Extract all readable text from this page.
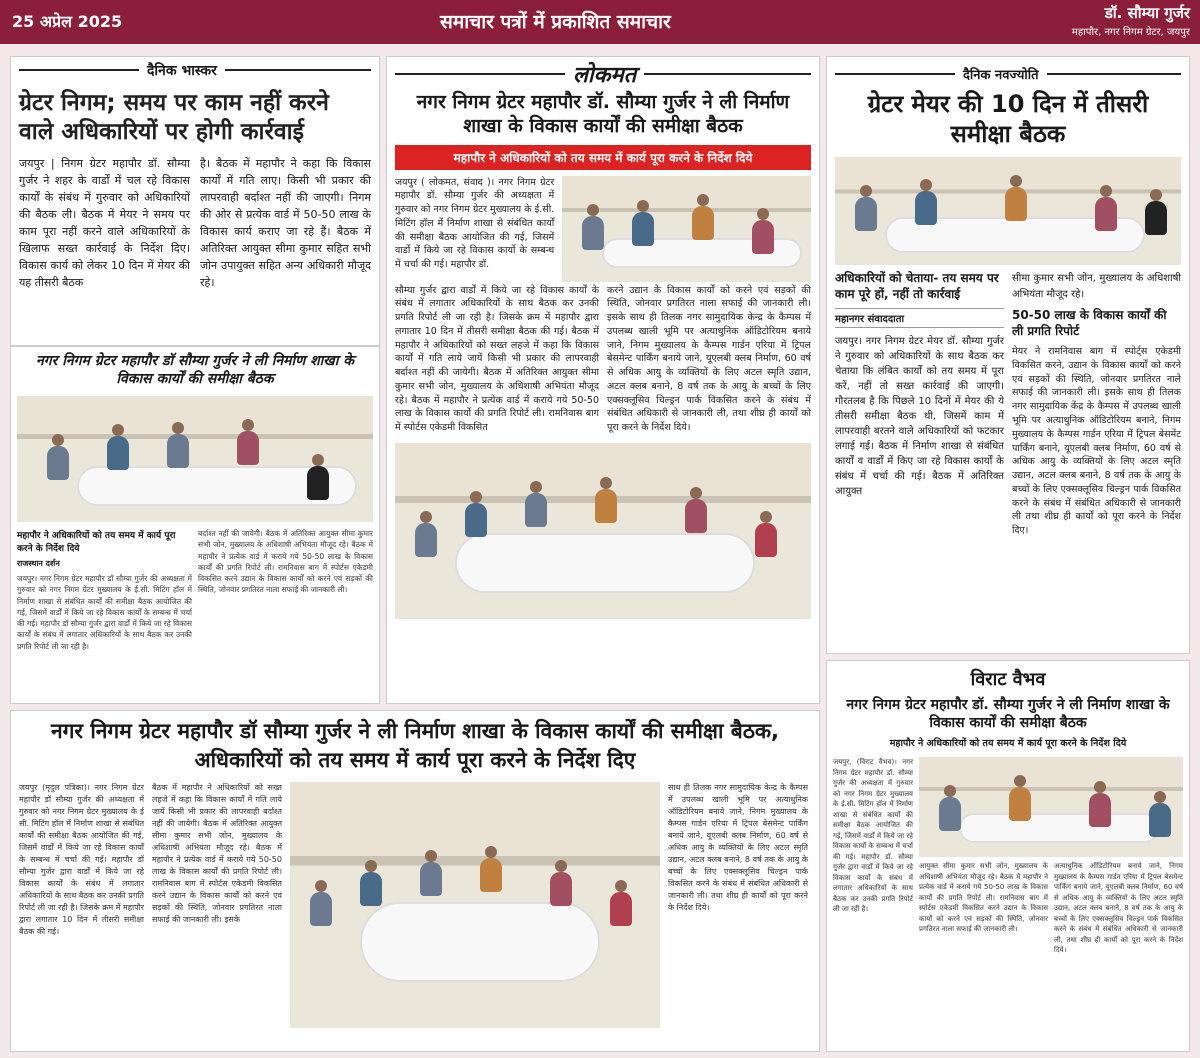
25 अप्रेल 2025	समाचार पत्रों में प्रकाशित समाचार	डॉ. सौम्या गुर्जर
महापौर, नगर निगम ग्रेटर, जयपुर
दैनिक भास्कर
ग्रेटर निगम; समय पर काम नहीं करने वाले अधिकारियों पर होगी कार्रवाई
जयपुर | निगम ग्रेटर महापौर डॉ. सौम्या गुर्जर ने शहर के वार्डों में चल रहे विकास कार्यों के संबंध में गुरुवार को अधिकारियों की बैठक ली। बैठक में मेयर ने समय पर काम पूरा नहीं करने वाले अधिकारियों के खिलाफ सख्त कार्रवाई के निर्देश दिए। विकास कार्य को लेकर 10 दिन में मेयर की यह तीसरी बैठक
है। बैठक में महापौर ने कहा कि विकास कार्यों में गति लाए। किसी भी प्रकार की लापरवाही बर्दाश्त नहीं की जाएगी। निगम की ओर से प्रत्येक वार्ड में 50-50 लाख के विकास कार्य कराए जा रहे हैं। बैठक में अतिरिक्त आयुक्त सीमा कुमार सहित सभी जोन उपायुक्त सहित अन्य अधिकारी मौजूद रहे।
नगर निगम ग्रेटर महापौर डॉ सौम्या गुर्जर ने ली निर्माण शाखा के विकास कार्यों की समीक्षा बैठक
महापौर ने अधिकारियों को तय समय में कार्य पूरा करने के निर्देश दिये
राजस्थान दर्शन
जयपुर। नगर निगम ग्रेटर महापौर डॉ सौम्या गुर्जर की अध्यक्षता में गुरुवार को नगर निगम ग्रेटर मुख्यालय के ई.सी. मिटिंग हॉल में निर्माण शाखा से संबंधित कार्यों की समीक्षा बैठक आयोजित की गई, जिसमें वार्डों में किये जा रहे विकास कार्यों के सम्बन्ध में चर्चा की गई। महापौर डॉ सौम्या गुर्जर द्वारा वार्डों में किये जा रहे विकास कार्यों के संबंध में लगातार अधिकारियों के साथ बैठक कर उनकी प्रगति रिपोर्ट ली जा रही है।
बर्दाश्त नहीं की जायेगी। बैठक में अतिरिक्त आयुक्त सीमा कुमार सभी जोन, मुख्यालय के अधिशाषी अभियंता मौजूद रहे। बैठक में महापौर ने प्रत्येक वार्ड में कराये गये 50-50 लाख के विकास कार्यों की प्रगति रिपोर्ट ली। रामनिवास बाग में स्पोर्टस एकेडमी विकसित करने उद्यान के विकास कार्यों को करने एवं सड़कों की स्थिति, जोनवार प्रगतिरत नाला सफाई की जानकारी ली।
लोकमत
नगर निगम ग्रेटर महापौर डॉ. सौम्या गुर्जर ने ली निर्माण शाखा के विकास कार्यों की समीक्षा बैठक
महापौर ने अधिकारियों को तय समय में कार्य पूरा करने के निर्देश दिये
जयपुर ( लोकमत, संवाद )। नगर निगम ग्रेटर महापौर डॉ. सौम्या गुर्जर की अध्यक्षता में गुरुवार को नगर निगम ग्रेटर मुख्यालय के ई.सी. मिटिंग हॉल में निर्माण शाखा से संबंधित कार्यों की समीक्षा बैठक आयोजित की गई, जिसमें वार्डो में किये जा रहे विकास कार्यो के सम्बन्ध में चर्चा की गई। महापौर डॉ.
सौम्या गुर्जर द्वारा वार्डों में किये जा रहे विकास कार्यों के संबंध में लगातार अधिकारियों के साथ बैठक कर उनकी प्रगति रिपोर्ट ली जा रही है। जिसके क्रम में महापौर द्वारा लगातार 10 दिन में तीसरी समीक्षा बैठक की गई। बैठक में महापौर ने अधिकारियों को सख्त लहजे में कहा कि विकास कार्यों में गति लाये जायें किसी भी प्रकार की लापरवाही बर्दाश्त नहीं की जायेगी। बैठक में अतिरिक्त आयुक्त सीमा कुमार सभी जोन, मुख्यालय के अधिशाषी अभियंता मौजूद रहे। बैठक में महापौर ने प्रत्येक वार्ड में कराये गये 50-50 लाख के विकास कार्यो की प्रगति रिपोर्ट ली। रामनिवास बाग में स्पोर्टस एकेडमी विकसित
करने उद्यान के विकास कार्यों को करने एवं सड़कों की स्थिति, जोनवार प्रगतिरत नाला सफाई की जानकारी ली। इसके साथ ही तिलक नगर सामुदायिक केन्द्र के कैम्पस में उपलब्ध खाली भूमि पर अत्याधुनिक ऑडिटोरियम बनाये जाने, निगम मुख्यालय के कैम्पस गार्डन एरिया में ट्रिपल बेसमेन्ट पार्किंग बनाये जाने, यूएलबी क्लब निर्माण, 60 वर्ष से अधिक आयु के व्यक्तियों के लिए अटल स्मृति उद्यान, अटल क्लब बनाने, 8 वर्ष तक के आयु के बच्चों के लिए एक्सक्लूसिव चिल्ड्रन पार्क विकसित करने के संबंध में संबंधित अधिकारी से जानकारी ली, तथा शीघ्र ही कार्यों को पूरा करने के निर्देश दिये।
दैनिक नवज्योति
ग्रेटर मेयर की 10 दिन में तीसरी समीक्षा बैठक
अधिकारियों को चेताया- तय समय पर काम पूरे हों, नहीं तो कार्रवाई
महानगर संवाददाता
जयपुर। नगर निगम ग्रेटर मेयर डॉ. सौम्या गुर्जर ने गुरुवार को अधिकारियों के साथ बैठक कर चेताया कि लंबित कार्यों को तय समय में पूरा करें, नहीं तो सख्त कार्रवाई की जाएगी। गौरतलब है कि पिछले 10 दिनों में मेयर की ये तीसरी समीक्षा बैठक थी, जिसमें काम में लापरवाही बरतने वाले अधिकारियों को फटकार लगाई गई। बैठक में निर्माण शाखा से संबंधित कार्यों व वार्डों में किए जा रहे विकास कार्यों के संबंध में चर्चा की गई। बैठक में अतिरिक्त आयुक्त
सीमा कुमार सभी जोन, मुख्यालय के अधिशाषी अभियंता मौजूद रहे।
50-50 लाख के विकास कार्यों की ली प्रगति रिपोर्ट
मेयर ने रामनिवास बाग में स्पोर्ट्स एकेडमी विकसित करने, उद्यान के विकास कार्यों को करने एवं सड़कों की स्थिति, जोनवार प्रगतिरत नाले सफाई की जानकारी ली। इसके साथ ही तिलक नगर सामुदायिक केंद्र के कैम्पस में उपलब्ध खाली भूमि पर अत्याधुनिक ऑडिटोरियम बनाने, निगम मुख्यालय के कैम्पस गार्डन एरिया में ट्रिपल बेसमेंट पार्किंग बनाने, यूएलबी क्लब निर्माण, 60 वर्ष से अधिक आयु के व्यक्तियों के लिए अटल स्मृति उद्यान, अटल क्लब बनाने, 8 वर्ष तक के आयु के बच्चों के लिए एक्सक्लूसिव चिल्ड्रन पार्क विकसित करने के संबंध में संबंधित अधिकारी से जानकारी ली तथा शीघ्र ही कार्यों को पूरा करने के निर्देश दिए।
नगर निगम ग्रेटर महापौर डॉ सौम्या गुर्जर ने ली निर्माण शाखा के विकास कार्यों की समीक्षा बैठक, अधिकारियों को तय समय में कार्य पूरा करने के निर्देश दिए
जयपुर (मृदुल पत्रिका)। नगर निगम ग्रेटर महापौर डॉ सौम्या गुर्जर की अध्यक्षता में गुरुवार को नगर निगम ग्रेटर मुख्यालय के ई सी. मिटिंग हॉल में निर्माण शाखा से संबंधित कार्यों की समीक्षा बैठक आयोजित की गई, जिसमें वार्डों में किये जा रहे विकास कार्यों के सम्बन्ध में चर्चा की गई। महापौर डॉ सौम्या गुर्जर द्वारा वार्डों में किये जा रहे विकास कार्यों के संबंध में लगातार अधिकारियों के साथ बैठक कर उनकी प्रगति रिपोर्ट ली जा रही है। जिसके क्रम में महापौर द्वारा लगातार 10 दिन में तीसरी समीक्षा बैठक की गई।
बैठक में महापौर ने अधिकारियों को सख्त लहजे में कहा कि विकास कार्यों में गति लाये जायें किसी भी प्रकार की लापरवाही बर्दाश्त नहीं की जायेगी। बैठक में अतिरिक्त आयुक्त सीमा कुमार सभी जोन, मुख्यालय के अधिशाषी अभियंता मौजूद रहे। बैठक में महापौर ने प्रत्येक वार्ड में कराये गये 50-50 लाख के विकास कार्यों की प्रगति रिपोर्ट ली। रामनिवास बाग में स्पोर्टस एकेडमी विकसित करने उद्यान के विकास कार्यों को करने एवं सड़कों की स्थिति, जोनवार प्रगतिरत नाला सफाई की जानकारी ली। इसके
साथ ही तिलक नगर सामुदायिक केन्द्र के कैम्पस में उपलब्ध खाली भूमि पर अत्याधुनिक ऑडिटोरियम बनाये जाने, निगम मुख्यालय के कैम्पस गार्डन एरिया में ट्रिपल बेसमेन्ट पार्किंग बनाये जाने, यूएलबी क्लब निर्माण, 60 वर्ष से अधिक आयु के व्यक्तियों के लिए अटल स्मृति उद्यान, अटल क्लब बनाने, 8 वर्ष तक के आयु के बच्चों के लिए एक्सक्लूसिव चिल्ड्रन पार्क विकसित करने के संबंध में संबंधित अधिकारी से जानकारी ली। तथा शीघ्र ही कार्यों को पूरा करने के निर्देश दिये।
विराट वैभव
नगर निगम ग्रेटर महापौर डॉ. सौम्या गुर्जर ने ली निर्माण शाखा के विकास कार्यों की समीक्षा बैठक
महापौर ने अधिकारियों को तय समय में कार्य पूरा करने के निर्देश दिये
जयपुर, (विराट वैभव)। नगर निगम ग्रेटर महापौर डॉ. सौम्या गुर्जर की अध्यक्षता में गुरुवार को नगर निगम ग्रेटर मुख्यालय के ई.सी. मिटिंग हॉल में निर्माण शाखा से संबंधित कार्यों की समीक्षा बैठक आयोजित की गई, जिसमें वार्डों में किये जा रहे विकास कार्यों के सम्बन्ध में चर्चा की गई। महापौर डॉ. सौम्या गुर्जर द्वारा वार्डों में किये जा रहे विकास कार्यों के संबंध में लगातार अधिकारियों के साथ बैठक कर उनकी प्रगति रिपोर्ट ली जा रही है।
आयुक्त सीमा कुमार सभी जोन, मुख्यालय के अधिशाषी अभियंता मौजूद रहे। बैठक में महापौर ने प्रत्येक वार्ड में कराये गये 50-50 लाख के विकास कार्यों की प्रगति रिपोर्ट ली। रामनिवास बाग में स्पोर्टस एकेडमी विकसित करने उद्यान के विकास कार्यों को करने एवं सड़कों की स्थिति, जोनवार प्रगतिरत नाला सफाई की जानकारी ली।
अत्याधुनिक ऑडिटोरियम बनाये जाने, निगम मुख्यालय के कैम्पस गार्डन एरिया में ट्रिपल बेसमेन्ट पार्किंग बनाये जाने, यूएलबी क्लब निर्माण, 60 वर्ष से अधिक आयु के व्यक्तियों के लिए अटल स्मृति उद्यान, अटल क्लब बनाने, 8 वर्ष तक के आयु के बच्चों के लिए एक्सक्लूसिव चिल्ड्रन पार्क विकसित करने के संबंध में संबंधित अधिकारी से जानकारी ली, तथा शीघ्र ही कार्यों को पूरा करने के निर्देश दिये।
